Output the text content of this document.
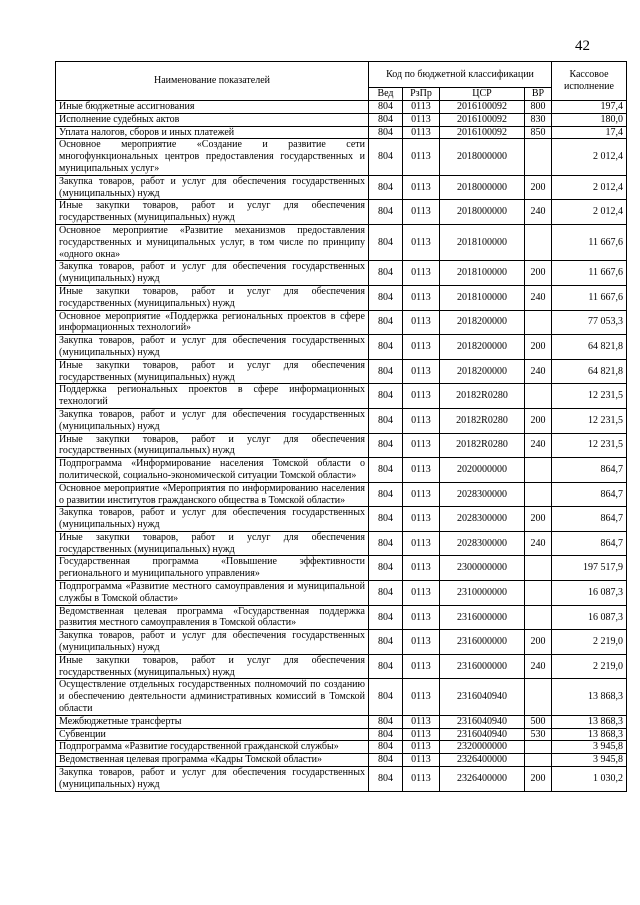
42
Наименование показателей	Код по бюджетной классификации				Кассовое исполнение
	Вед	РзПр	ЦСР	ВР	
Иные бюджетные ассигнования	804	0113	2016100092	800	197,4
Исполнение судебных актов	804	0113	2016100092	830	180,0
Уплата налогов, сборов и иных платежей	804	0113	2016100092	850	17,4
Основное мероприятие «Создание и развитие сети многофункциональных центров предоставления государственных и муниципальных услуг»	804	0113	2018000000		2 012,4
Закупка товаров, работ и услуг для обеспечения государственных (муниципальных) нужд	804	0113	2018000000	200	2 012,4
Иные закупки товаров, работ и услуг для обеспечения государственных (муниципальных) нужд	804	0113	2018000000	240	2 012,4
Основное мероприятие «Развитие механизмов предоставления государственных и муниципальных услуг, в том числе по принципу «одного окна»	804	0113	2018100000		11 667,6
Закупка товаров, работ и услуг для обеспечения государственных (муниципальных) нужд	804	0113	2018100000	200	11 667,6
Иные закупки товаров, работ и услуг для обеспечения государственных (муниципальных) нужд	804	0113	2018100000	240	11 667,6
Основное мероприятие «Поддержка региональных проектов в сфере информационных технологий»	804	0113	2018200000		77 053,3
Закупка товаров, работ и услуг для обеспечения государственных (муниципальных) нужд	804	0113	2018200000	200	64 821,8
Иные закупки товаров, работ и услуг для обеспечения государственных (муниципальных) нужд	804	0113	2018200000	240	64 821,8
Поддержка региональных проектов в сфере информационных технологий	804	0113	20182R0280		12 231,5
Закупка товаров, работ и услуг для обеспечения государственных (муниципальных) нужд	804	0113	20182R0280	200	12 231,5
Иные закупки товаров, работ и услуг для обеспечения государственных (муниципальных) нужд	804	0113	20182R0280	240	12 231,5
Подпрограмма «Информирование населения Томской области о политической, социально-экономической ситуации Томской области»	804	0113	2020000000		864,7
Основное мероприятие «Мероприятия по информированию населения о развитии институтов гражданского общества в Томской области»	804	0113	2028300000		864,7
Закупка товаров, работ и услуг для обеспечения государственных (муниципальных) нужд	804	0113	2028300000	200	864,7
Иные закупки товаров, работ и услуг для обеспечения государственных (муниципальных) нужд	804	0113	2028300000	240	864,7
Государственная программа «Повышение эффективности регионального и муниципального управления»	804	0113	2300000000		197 517,9
Подпрограмма «Развитие местного самоуправления и муниципальной службы в Томской области»	804	0113	2310000000		16 087,3
Ведомственная целевая программа «Государственная поддержка развития местного самоуправления в Томской области»	804	0113	2316000000		16 087,3
Закупка товаров, работ и услуг для обеспечения государственных (муниципальных) нужд	804	0113	2316000000	200	2 219,0
Иные закупки товаров, работ и услуг для обеспечения государственных (муниципальных) нужд	804	0113	2316000000	240	2 219,0
Осуществление отдельных государственных полномочий по созданию и обеспечению деятельности административных комиссий в Томской области	804	0113	2316040940		13 868,3
Межбюджетные трансферты	804	0113	2316040940	500	13 868,3
Субвенции	804	0113	2316040940	530	13 868,3
Подпрограмма «Развитие государственной гражданской службы»	804	0113	2320000000		3 945,8
Ведомственная целевая программа «Кадры Томской области»	804	0113	2326400000		3 945,8
Закупка товаров, работ и услуг для обеспечения государственных (муниципальных) нужд	804	0113	2326400000	200	1 030,2
